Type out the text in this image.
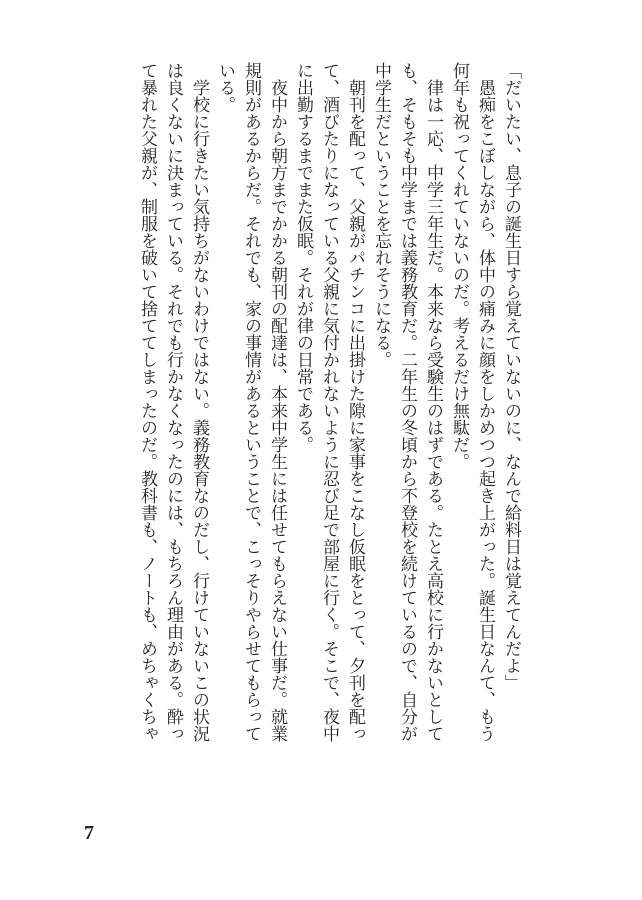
「だいたい、息子の誕生日すら覚えていないのに、なんで給料日は覚えてんだよ」
愚痴をこぼしながら、体中の痛みに顔をしかめつつ起き上がった。誕生日なんて、もう
何年も祝ってくれていないのだ。考えるだけ無駄だ。
律は一応、中学三年生だ。本来なら受験生のはずである。たとえ高校に行かないとして
も、そもそも中学までは義務教育だ。二年生の冬頃から不登校を続けているので、自分が
中学生だということを忘れそうになる。
朝刊を配って、父親がパチンコに出掛けた隙に家事をこなし仮眠をとって、夕刊を配っ
て、酒びたりになっている父親に気付かれないように忍び足で部屋に行く。そこで、夜中
に出勤するまでまた仮眠。それが律の日常である。
夜中から朝方までかかる朝刊の配達は、本来中学生には任せてもらえない仕事だ。就業
規則があるからだ。それでも、家の事情があるということで、こっそりやらせてもらって
いる。
学校に行きたい気持ちがないわけではない。義務教育なのだし、行けていないこの状況
は良くないに決まっている。それでも行かなくなったのには、もちろん理由がある。酔っ
て暴れた父親が、制服を破いて捨ててしまったのだ。教科書も、ノートも、めちゃくちゃ
7
